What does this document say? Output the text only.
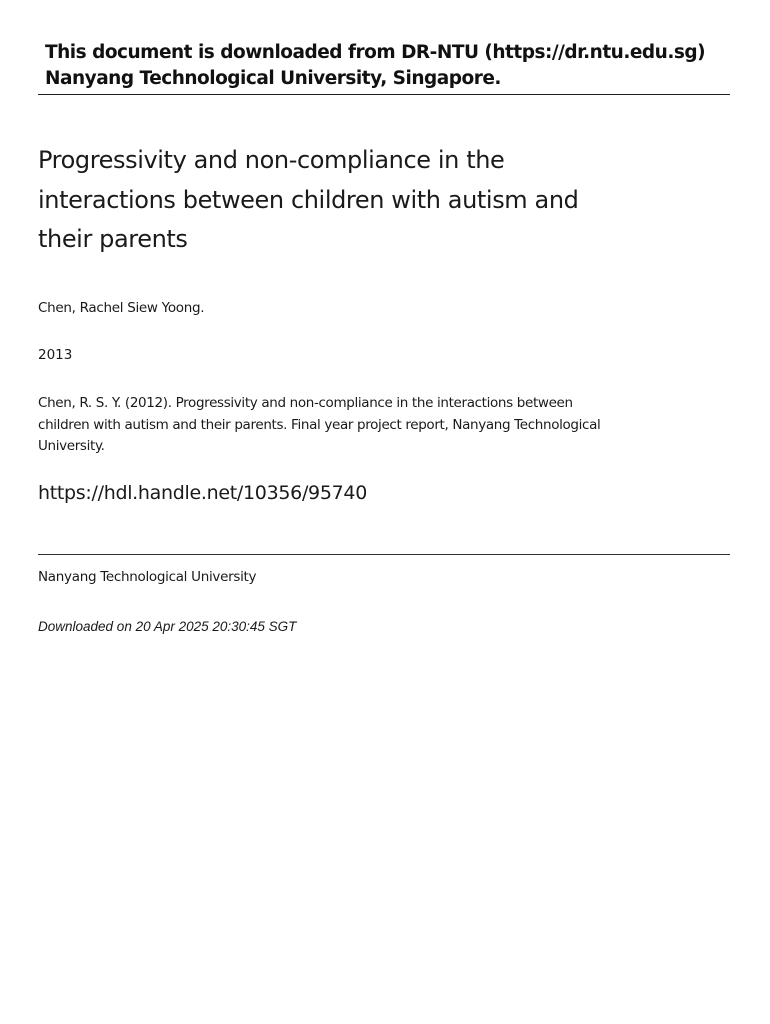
This document is downloaded from DR‑NTU (https://dr.ntu.edu.sg)
Nanyang Technological University, Singapore.
Progressivity and non-compliance in the
interactions between children with autism and
their parents
Chen, Rachel Siew Yoong.
2013
Chen, R. S. Y. (2012). Progressivity and non-compliance in the interactions between
children with autism and their parents. Final year project report, Nanyang Technological
University.
https://hdl.handle.net/10356/95740
Nanyang Technological University
Downloaded on 20 Apr 2025 20:30:45 SGT
